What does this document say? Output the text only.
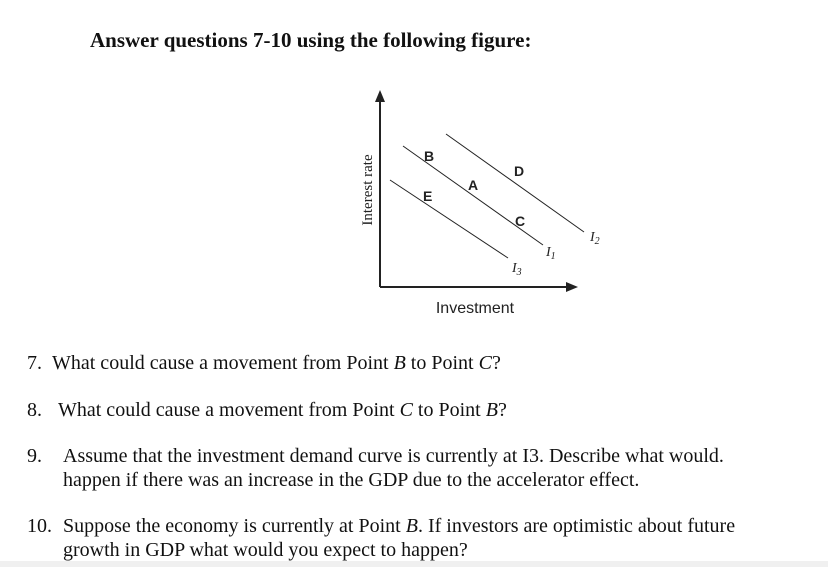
Answer questions 7-10 using the following figure:
Interest rate
Investment
B
D
A
E
C
$I_2$
$I_1$
$I_3$
7. What could cause a movement from Point B to Point C?
8. What could cause a movement from Point C to Point B?
9. Assume that the investment demand curve is currently at I3. Describe what would.
happen if there was an increase in the GDP due to the accelerator effect.
10. Suppose the economy is currently at Point B. If investors are optimistic about future
growth in GDP what would you expect to happen?
